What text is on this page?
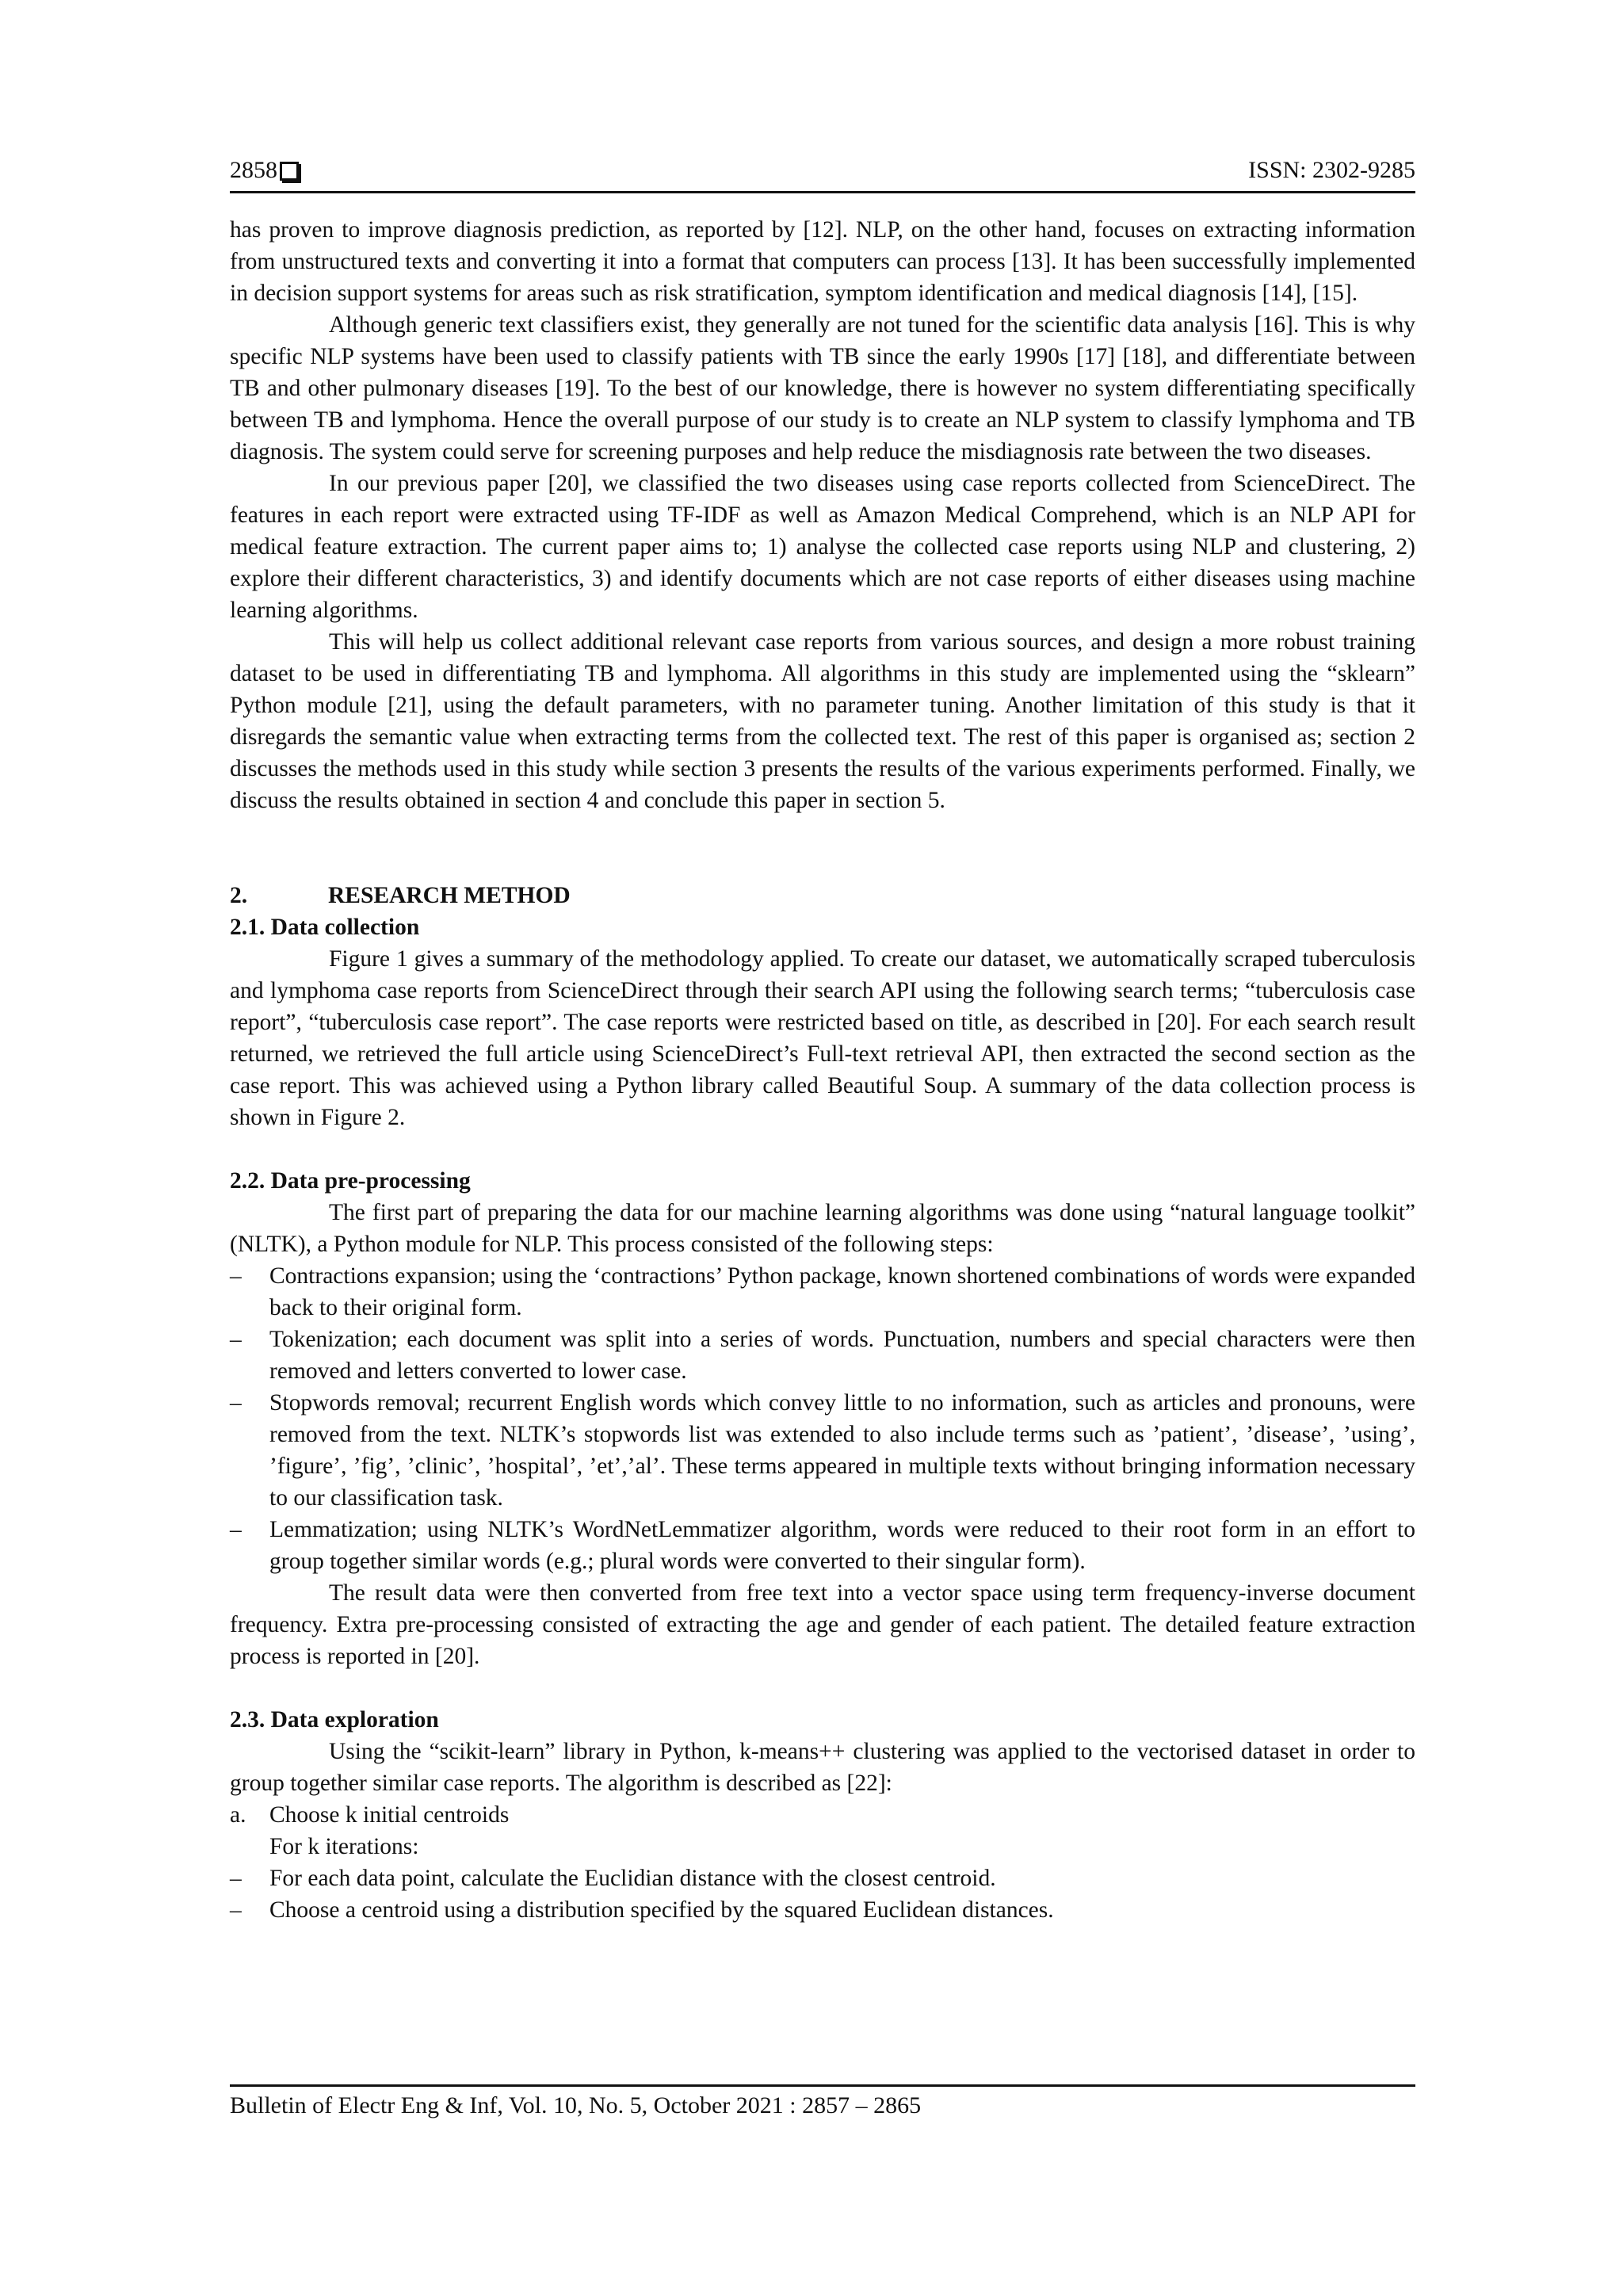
2858	ISSN: 2302-9285

has proven to improve diagnosis prediction, as reported by [12]. NLP, on the other hand, focuses on extracting information from unstructured texts and converting it into a format that computers can process [13]. It has been successfully implemented in decision support systems for areas such as risk stratification, symptom identification and medical diagnosis [14], [15].

Although generic text classifiers exist, they generally are not tuned for the scientific data analysis [16]. This is why specific NLP systems have been used to classify patients with TB since the early 1990s [17] [18], and differentiate between TB and other pulmonary diseases [19]. To the best of our knowledge, there is however no system differentiating specifically between TB and lymphoma. Hence the overall purpose of our study is to create an NLP system to classify lymphoma and TB diagnosis. The system could serve for screening purposes and help reduce the misdiagnosis rate between the two diseases.

In our previous paper [20], we classified the two diseases using case reports collected from ScienceDirect. The features in each report were extracted using TF-IDF as well as Amazon Medical Comprehend, which is an NLP API for medical feature extraction. The current paper aims to; 1) analyse the collected case reports using NLP and clustering, 2) explore their different characteristics, 3) and identify documents which are not case reports of either diseases using machine learning algorithms.

This will help us collect additional relevant case reports from various sources, and design a more robust training dataset to be used in differentiating TB and lymphoma. All algorithms in this study are implemented using the “sklearn” Python module [21], using the default parameters, with no parameter tuning. Another limitation of this study is that it disregards the semantic value when extracting terms from the collected text. The rest of this paper is organised as; section 2 discusses the methods used in this study while section 3 presents the results of the various experiments performed. Finally, we discuss the results obtained in section 4 and conclude this paper in section 5.

2.	RESEARCH METHOD
2.1. Data collection

Figure 1 gives a summary of the methodology applied. To create our dataset, we automatically scraped tuberculosis and lymphoma case reports from ScienceDirect through their search API using the following search terms; “tuberculosis case report”, “tuberculosis case report”. The case reports were restricted based on title, as described in [20]. For each search result returned, we retrieved the full article using ScienceDirect’s Full-text retrieval API, then extracted the second section as the case report. This was achieved using a Python library called Beautiful Soup. A summary of the data collection process is shown in Figure 2.

2.2. Data pre-processing

The first part of preparing the data for our machine learning algorithms was done using “natural language toolkit” (NLTK), a Python module for NLP. This process consisted of the following steps:

– Contractions expansion; using the ‘contractions’ Python package, known shortened combinations of words were expanded back to their original form.
– Tokenization; each document was split into a series of words. Punctuation, numbers and special characters were then removed and letters converted to lower case.
– Stopwords removal; recurrent English words which convey little to no information, such as articles and pronouns, were removed from the text. NLTK’s stopwords list was extended to also include terms such as ’patient’, ’disease’, ’using’, ’figure’, ’fig’, ’clinic’, ’hospital’, ’et’,’al’. These terms appeared in multiple texts without bringing information necessary to our classification task.
– Lemmatization; using NLTK’s WordNetLemmatizer algorithm, words were reduced to their root form in an effort to group together similar words (e.g.; plural words were converted to their singular form).

The result data were then converted from free text into a vector space using term frequency-inverse document frequency. Extra pre-processing consisted of extracting the age and gender of each patient. The detailed feature extraction process is reported in [20].

2.3. Data exploration

Using the “scikit-learn” library in Python, k-means++ clustering was applied to the vectorised dataset in order to group together similar case reports. The algorithm is described as [22]:

a.	Choose k initial centroids
For k iterations:
– For each data point, calculate the Euclidian distance with the closest centroid.
– Choose a centroid using a distribution specified by the squared Euclidean distances.
Bulletin of Electr Eng & Inf, Vol. 10, No. 5, October 2021 : 2857 – 2865
